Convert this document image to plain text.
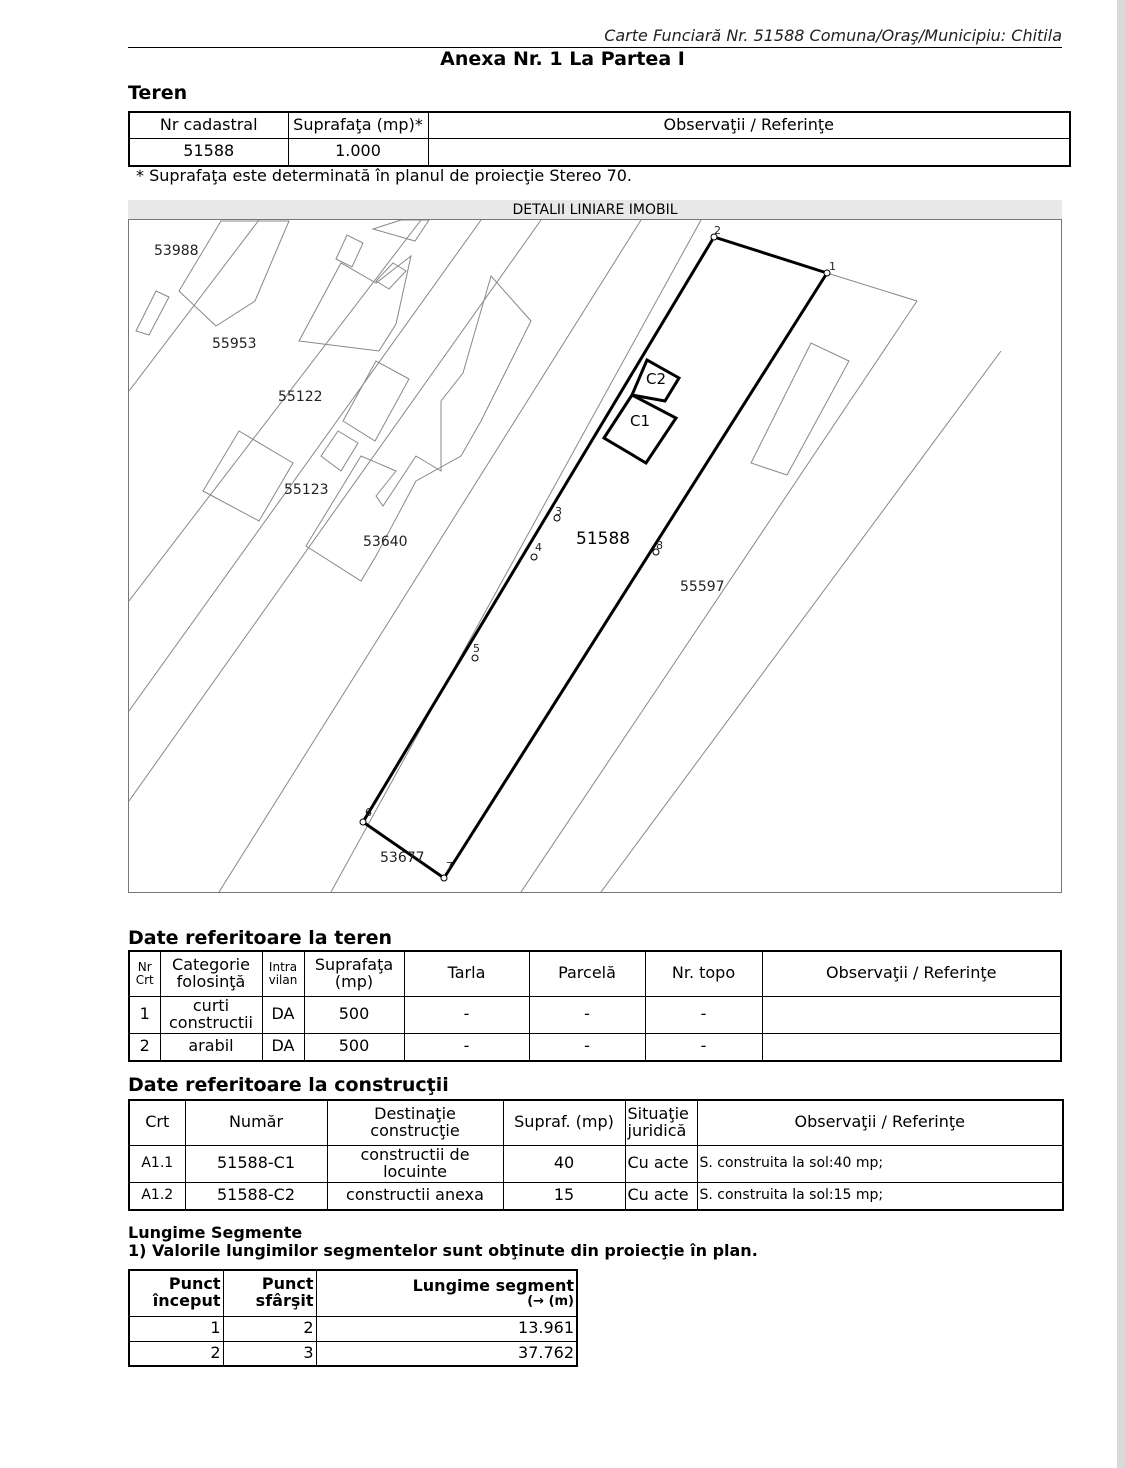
Carte Funciară Nr. 51588 Comuna/Oraş/Municipiu: Chitila
Anexa Nr. 1 La Partea I
Teren
Nr cadastral	Suprafaţa (mp)*	Observaţii / Referinţe
51588	1.000	
* Suprafaţa este determinată în planul de proiecţie Stereo 70.
DETALII LINIARE IMOBIL
53988
55953
55122
55123
53640	51588
55597
53677
C1
C2
1
2
3
4
5
6
7
8
Date referitoare la teren
Nr Crt	Categorie folosinţă	Intra vilan	Suprafaţa (mp)	Tarla	Parcelă	Nr. topo	Observaţii / Referinţe
1	curti constructii	DA	500	-	-	-	
2	arabil	DA	500	-	-	-	
Date referitoare la construcţii
Crt	Număr	Destinaţie construcţie	Supraf. (mp)	Situaţie juridică	Observaţii / Referinţe
A1.1	51588-C1	constructii de locuinte	40	Cu acte	S. construita la sol:40 mp;
A1.2	51588-C2	constructii anexa	15	Cu acte	S. construita la sol:15 mp;
Lungime Segmente
1) Valorile lungimilor segmentelor sunt obţinute din proiecţie în plan.
Punct început	Punct sfârşit	Lungime segment
(→ (m)

1	2	13.961
2	3	37.762
